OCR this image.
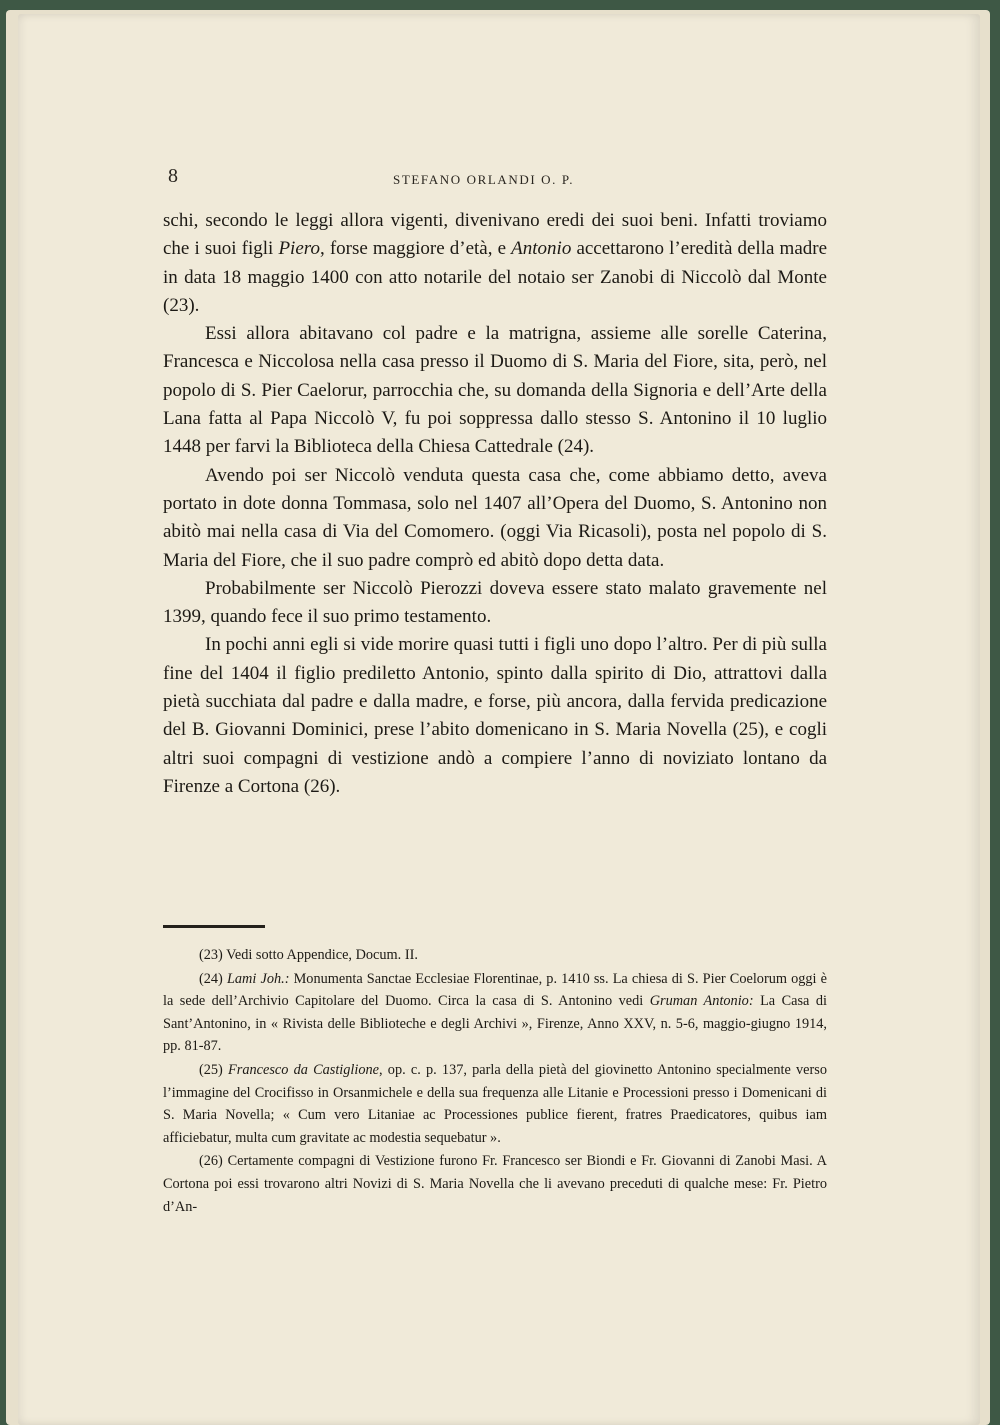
8	STEFANO ORLANDI O. P.

schi, secondo le leggi allora vigenti, divenivano eredi dei suoi beni. Infatti troviamo che i suoi figli Piero, forse maggiore d’età, e Antonio accettarono l’eredità della madre in data 18 maggio 1400 con atto notarile del notaio ser Zanobi di Niccolò dal Monte (23).

Essi allora abitavano col padre e la matrigna, assieme alle sorelle Caterina, Francesca e Niccolosa nella casa presso il Duomo di S. Maria del Fiore, sita, però, nel popolo di S. Pier Caelorur, parrocchia che, su domanda della Signoria e dell’Arte della Lana fatta al Papa Niccolò V, fu poi soppressa dallo stesso S. Antonino il 10 luglio 1448 per farvi la Biblioteca della Chiesa Cattedrale (24).

Avendo poi ser Niccolò venduta questa casa che, come abbiamo detto, aveva portato in dote donna Tommasa, solo nel 1407 all’Opera del Duomo, S. Antonino non abitò mai nella casa di Via del Comomero. (oggi Via Ricasoli), posta nel popolo di S. Maria del Fiore, che il suo padre comprò ed abitò dopo detta data.

Probabilmente ser Niccolò Pierozzi doveva essere stato malato gravemente nel 1399, quando fece il suo primo testamento.

In pochi anni egli si vide morire quasi tutti i figli uno dopo l’altro. Per di più sulla fine del 1404 il figlio prediletto Antonio, spinto dalla spirito di Dio, attrattovi dalla pietà succhiata dal padre e dalla madre, e forse, più ancora, dalla fervida predicazione del B. Giovanni Dominici, prese l’abito domenicano in S. Maria Novella (25), e cogli altri suoi compagni di vestizione andò a compiere l’anno di noviziato lontano da Firenze a Cortona (26).

(23) Vedi sotto Appendice, Docum. II.

(24) Lami Joh.: Monumenta Sanctae Ecclesiae Florentinae, p. 1410 ss. La chiesa di S. Pier Coelorum oggi è la sede dell’Archivio Capitolare del Duomo. Circa la casa di S. Antonino vedi Gruman Antonio: La Casa di Sant’Antonino, in « Rivista delle Biblioteche e degli Archivi », Firenze, Anno XXV, n. 5-6, maggio-giugno 1914, pp. 81-87.

(25) Francesco da Castiglione, op. c. p. 137, parla della pietà del giovinetto Antonino specialmente verso l’immagine del Crocifisso in Orsanmichele e della sua frequenza alle Litanie e Processioni presso i Domenicani di S. Maria Novella; « Cum vero Litaniae ac Processiones publice fierent, fratres Praedicatores, quibus iam afficiebatur, multa cum gravitate ac modestia sequebatur ».

(26) Certamente compagni di Vestizione furono Fr. Francesco ser Biondi e Fr. Giovanni di Zanobi Masi. A Cortona poi essi trovarono altri Novizi di S. Maria Novella che li avevano preceduti di qualche mese: Fr. Pietro d’An-
